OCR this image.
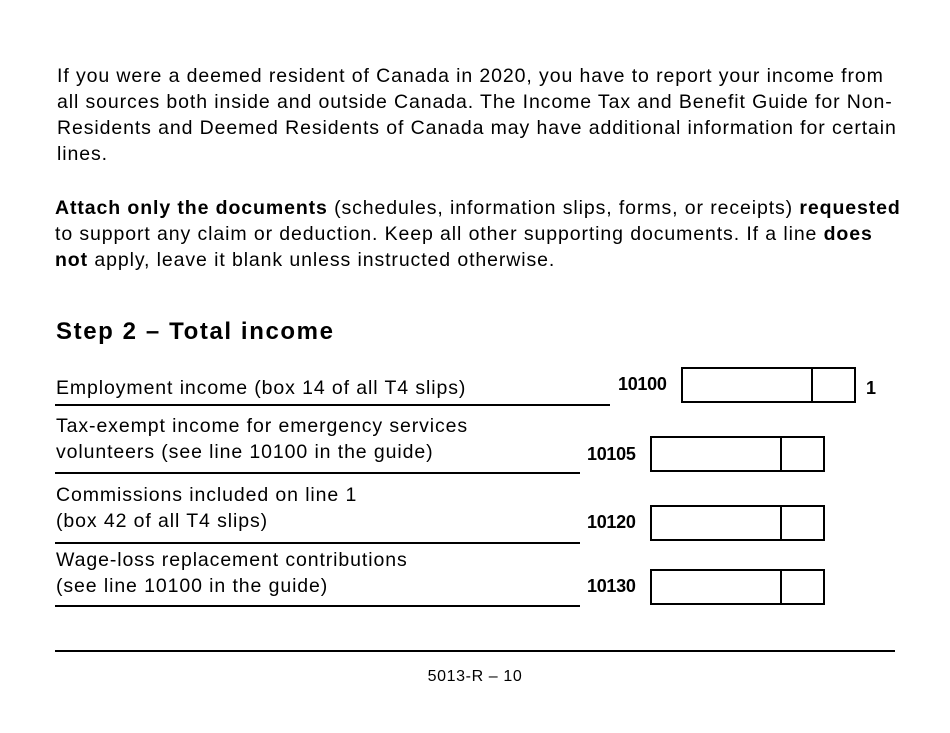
If you were a deemed resident of Canada in 2020, you have to report your income from all sources both inside and outside Canada. The Income Tax and Benefit Guide for Non-Residents and Deemed Residents of Canada may have additional information for certain lines.

Attach only the documents (schedules, information slips, forms, or receipts) requested to support any claim or deduction. Keep all other supporting documents. If a line does not apply, leave it blank unless instructed otherwise.

Step 2 – Total income
Employment income (box 14 of all T4 slips)	10100	1
Tax-exempt income for emergency services
volunteers (see line 10100 in the guide)	10105
Commissions included on line 1
(box 42 of all T4 slips)	10120
Wage-loss replacement contributions
(see line 10100 in the guide)	10130
5013-R – 10
